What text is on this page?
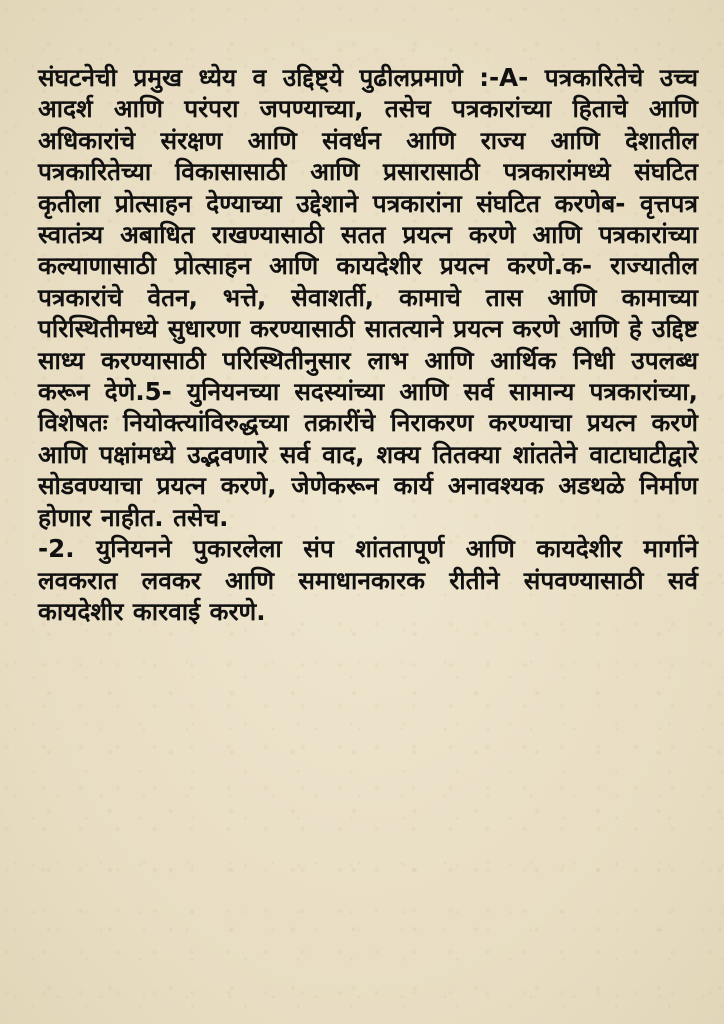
संघटनेची प्रमुख ध्येय व उद्दिष्ट्ये पुढीलप्रमाणे :-A- पत्रकारितेचे उच्च आदर्श आणि परंपरा जपण्याच्या, तसेच पत्रकारांच्या हिताचे आणि अधिकारांचे संरक्षण आणि संवर्धन आणि राज्य आणि देशातील पत्रकारितेच्या विकासासाठी आणि प्रसारासाठी पत्रकारांमध्ये संघटित कृतीला प्रोत्साहन देण्याच्या उद्देशाने पत्रकारांना संघटित करणेब- वृत्तपत्र स्वातंत्र्य अबाधित राखण्यासाठी सतत प्रयत्न करणे आणि पत्रकारांच्या कल्याणासाठी प्रोत्साहन आणि कायदेशीर प्रयत्न करणे.क- राज्यातील पत्रकारांचे वेतन, भत्ते, सेवाशर्ती, कामाचे तास आणि कामाच्या परिस्थितीमध्ये सुधारणा करण्यासाठी सातत्याने प्रयत्न करणे आणि हे उद्दिष्ट साध्य करण्यासाठी परिस्थितीनुसार लाभ आणि आर्थिक निधी उपलब्ध करून देणे.5- युनियनच्या सदस्यांच्या आणि सर्व सामान्य पत्रकारांच्या, विशेषतः नियोक्त्यांविरुद्धच्या तक्रारींचे निराकरण करण्याचा प्रयत्न करणे आणि पक्षांमध्ये उद्भवणारे सर्व वाद, शक्य तितक्या शांततेने वाटाघाटीद्वारे सोडवण्याचा प्रयत्न करणे, जेणेकरून कार्य अनावश्यक अडथळे निर्माण होणार नाहीत. तसेच.

-2. युनियनने पुकारलेला संप शांततापूर्ण आणि कायदेशीर मार्गाने लवकरात लवकर आणि समाधानकारक रीतीने संपवण्यासाठी सर्व कायदेशीर कारवाई करणे.
